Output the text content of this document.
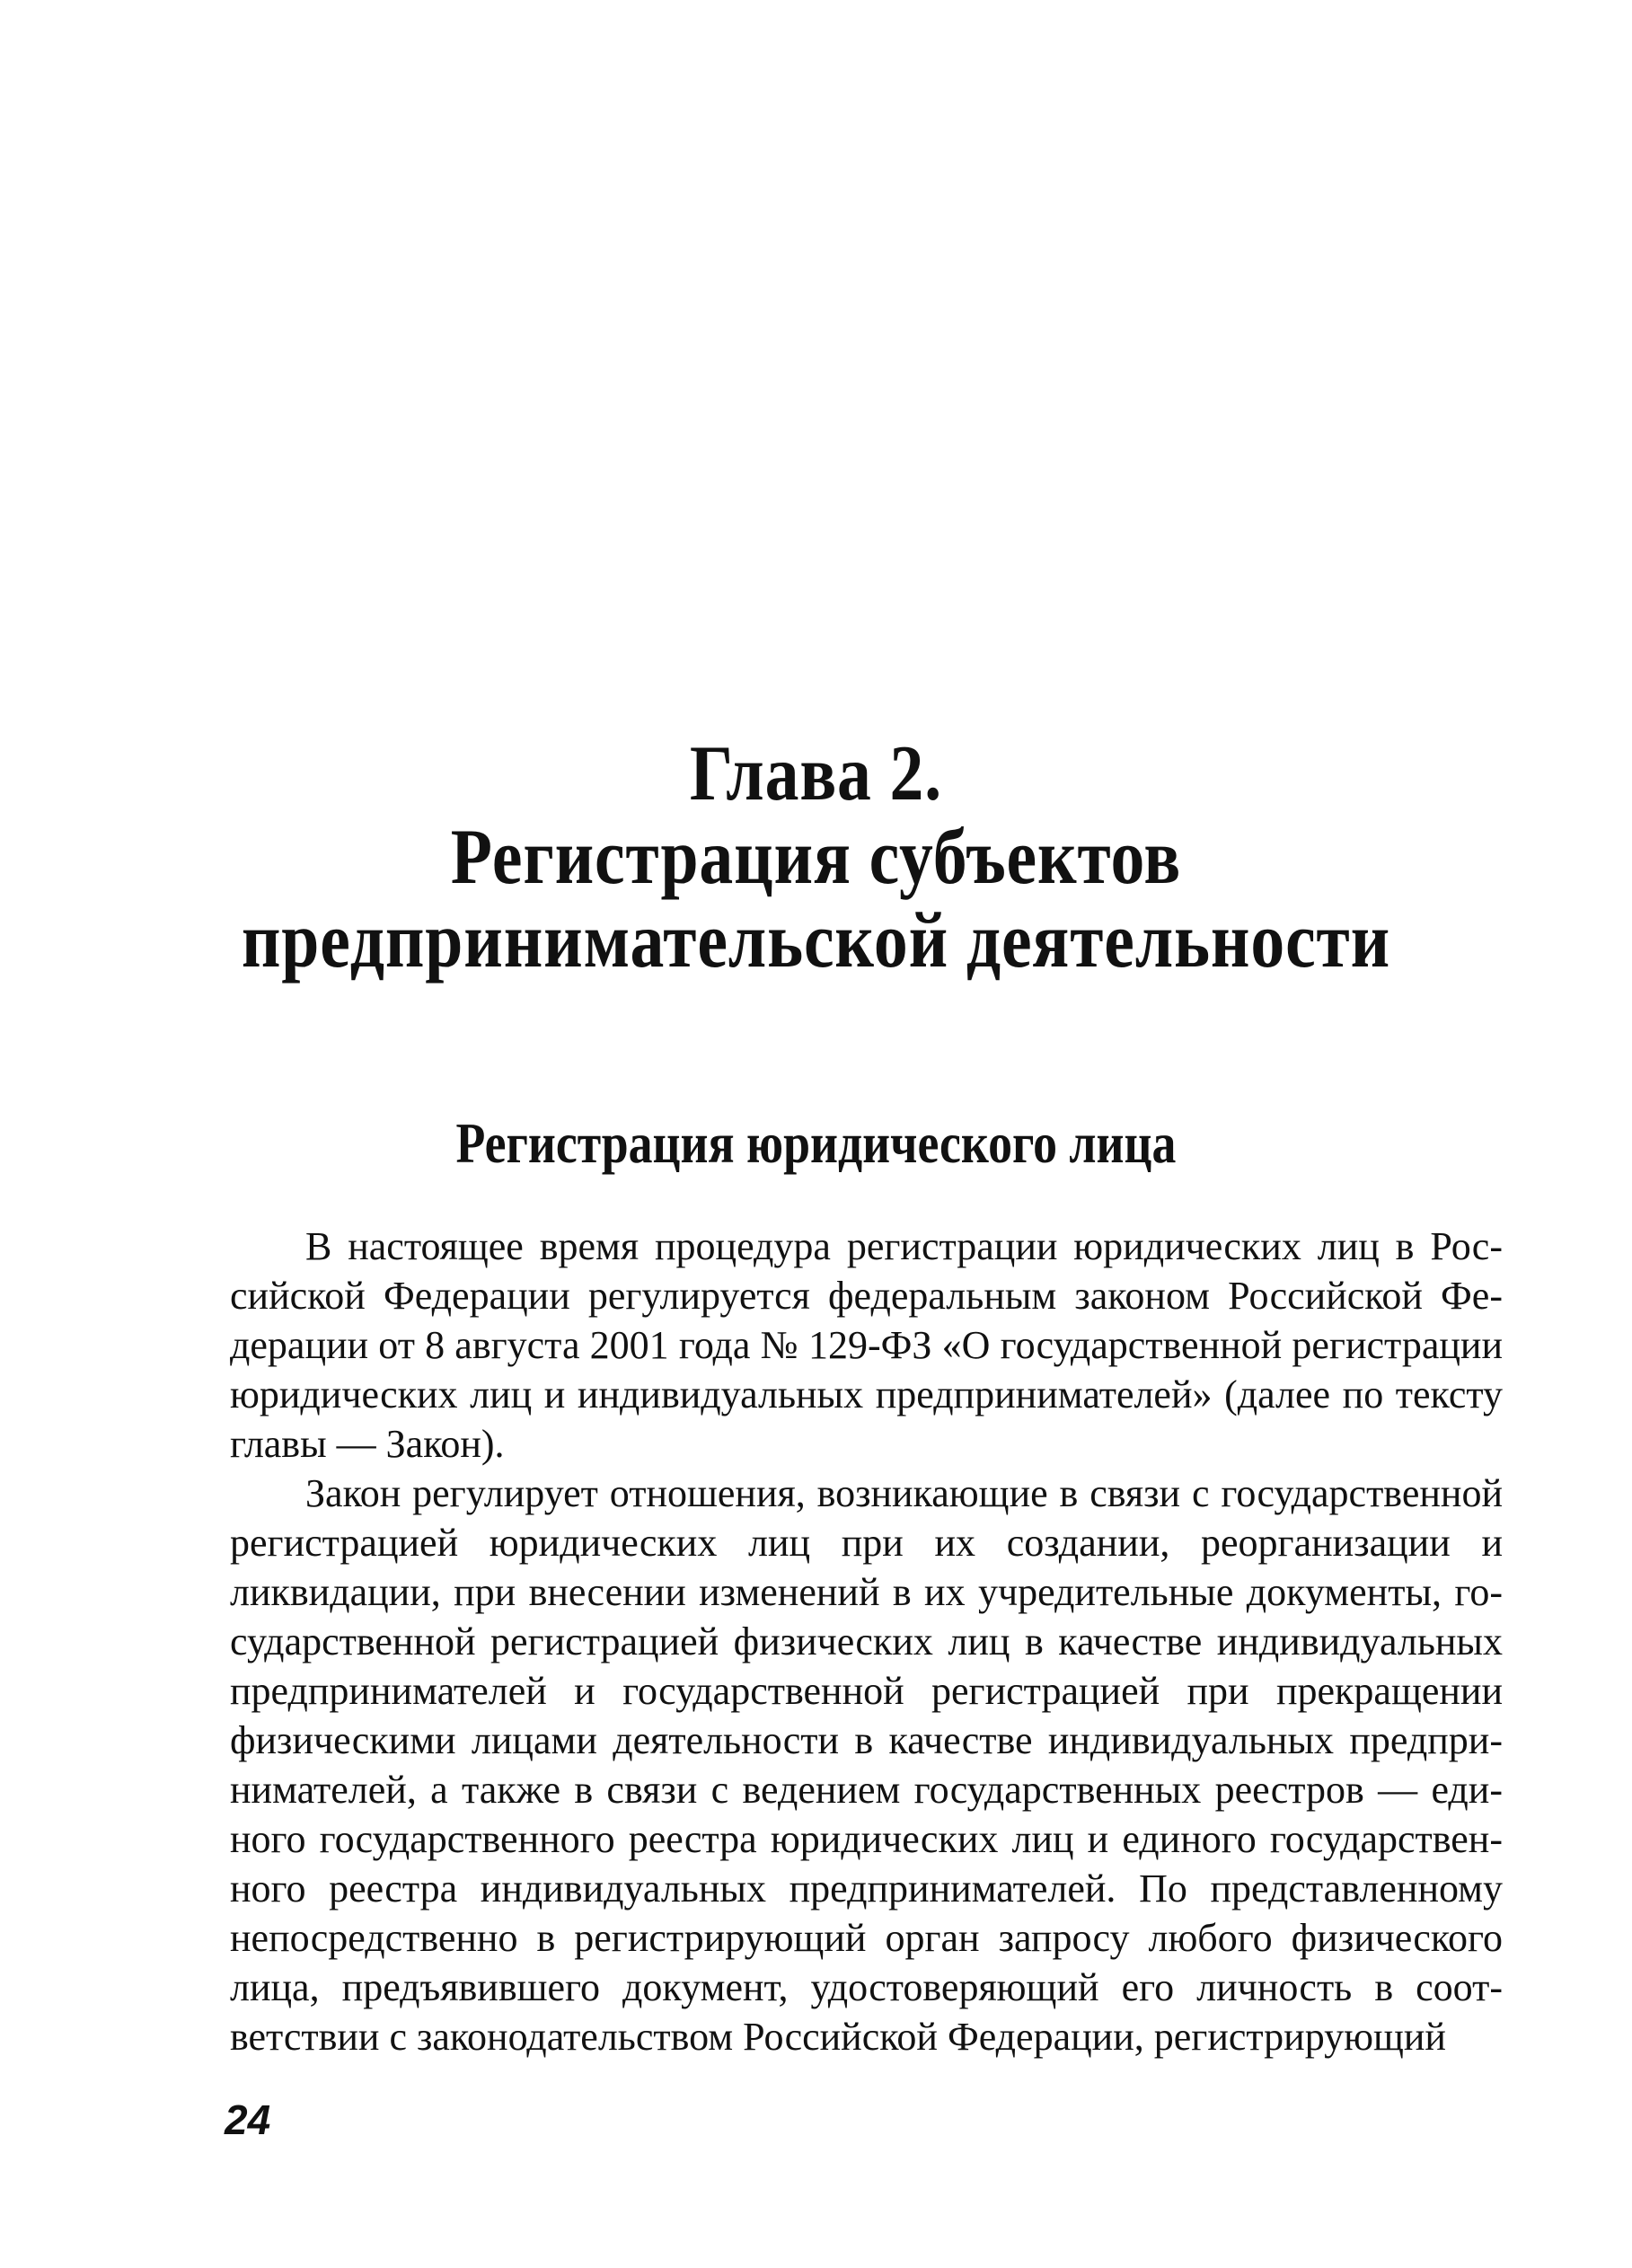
Глава 2.
Регистрация субъектов
предпринимательской деятельности
Регистрация юридического лица

В настоящее время процедура регистрации юридических лиц в Российской Федерации регулируется федеральным законом Российской Федерации от 8 августа 2001 года № 129-ФЗ «О государственной регистрации юридических лиц и индивидуальных предпринимателей» (далее по тексту главы — Закон).

Закон регулирует отношения, возникающие в связи с государственной регистрацией юридических лиц при их создании, реорганизации и ликвидации, при внесении изменений в их учредительные документы, государственной регистрацией физических лиц в качестве индивидуальных предпринимателей и государственной регистрацией при прекращении физическими лицами деятельности в качестве индивидуальных предпринимателей, а также в связи с ведением государственных реестров — единого государственного реестра юридических лиц и единого государственного реестра индивидуальных предпринимателей. По представленному непосредственно в регистрирующий орган запросу любого физического лица, предъявившего документ, удостоверяющий его личность в соответствии с законодательством Российской Федерации, регистрирующий

24
